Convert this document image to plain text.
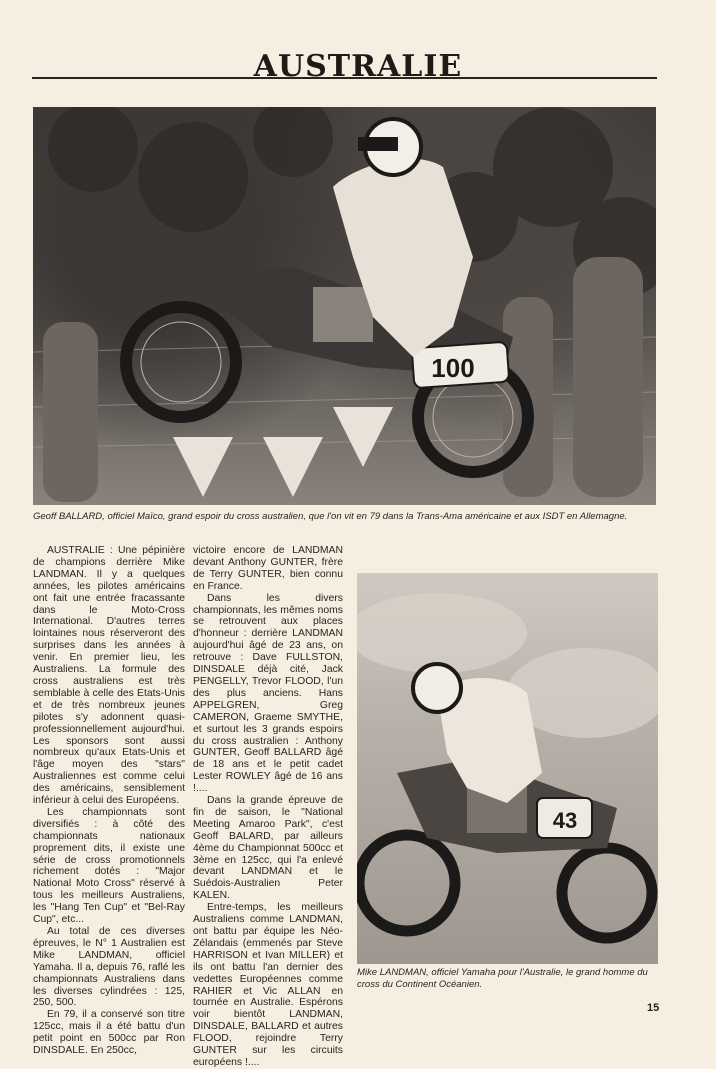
AUSTRALIE
100
Geoff BALLARD, officiel Maïco, grand espoir du cross australien, que l'on vit en 79 dans la Trans-Ama américaine et aux ISDT en Allemagne.
43
Mike LANDMAN, officiel Yamaha pour l'Australie, le grand homme du cross du Continent Océanien.

AUSTRALIE : Une pépinière de champions derrière Mike LANDMAN. Il y a quelques années, les pilotes américains ont fait une entrée fracassante dans le Moto-Cross International. D'autres terres lointaines nous réserveront des surprises dans les années à venir. En premier lieu, les Australiens. La formule des cross australiens est très semblable à celle des Etats-Unis et de très nombreux jeunes pilotes s'y adonnent quasi-professionnellement aujourd'hui. Les sponsors sont aussi nombreux qu'aux Etats-Unis et l'âge moyen des "stars" Australiennes est comme celui des américains, sensiblement inférieur à celui des Européens.

Les championnats sont diversifiés : à côté des championnats nationaux proprement dits, il existe une série de cross promotionnels richement dotés : "Major National Moto Cross" réservé à tous les meilleurs Australiens, les "Hang Ten Cup" et "Bel-Ray Cup", etc...

Au total de ces diverses épreuves, le N° 1 Australien est Mike LANDMAN, officiel Yamaha. Il a, depuis 76, raflé les championnats Australiens dans les diverses cylindrées : 125, 250, 500.

En 79, il a conservé son titre 125cc, mais il a été battu d'un petit point en 500cc par Ron DINSDALE. En 250cc,

victoire encore de LANDMAN devant Anthony GUNTER, frère de Terry GUNTER, bien connu en France.

Dans les divers championnats, les mêmes noms se retrouvent aux places d'honneur : derrière LANDMAN aujourd'hui âgé de 23 ans, on retrouve : Dave FULLSTON, DINSDALE déjà cité, Jack PENGELLY, Trevor FLOOD, l'un des plus anciens. Hans APPELGREN, Greg CAMERON, Graeme SMYTHE, et surtout les 3 grands espoirs du cross australien : Anthony GUNTER, Geoff BALLARD âgé de 18 ans et le petit cadet Lester ROWLEY âgé de 16 ans !....

Dans la grande épreuve de fin de saison, le "National Meeting Amaroo Park", c'est Geoff BALARD, par ailleurs 4ème du Championnat 500cc et 3ème en 125cc, qui l'a enlevé devant LANDMAN et le Suédois-Australien Peter KALEN.

Entre-temps, les meilleurs Australiens comme LANDMAN, ont battu par équipe les Néo-Zélandais (emmenés par Steve HARRISON et Ivan MILLER) et ils ont battu l'an dernier des vedettes Européennes comme RAHIER et Vic ALLAN en tournée en Australie. Espérons voir bientôt LANDMAN, DINSDALE, BALLARD et autres FLOOD, rejoindre Terry GUNTER sur les circuits européens !....

15
